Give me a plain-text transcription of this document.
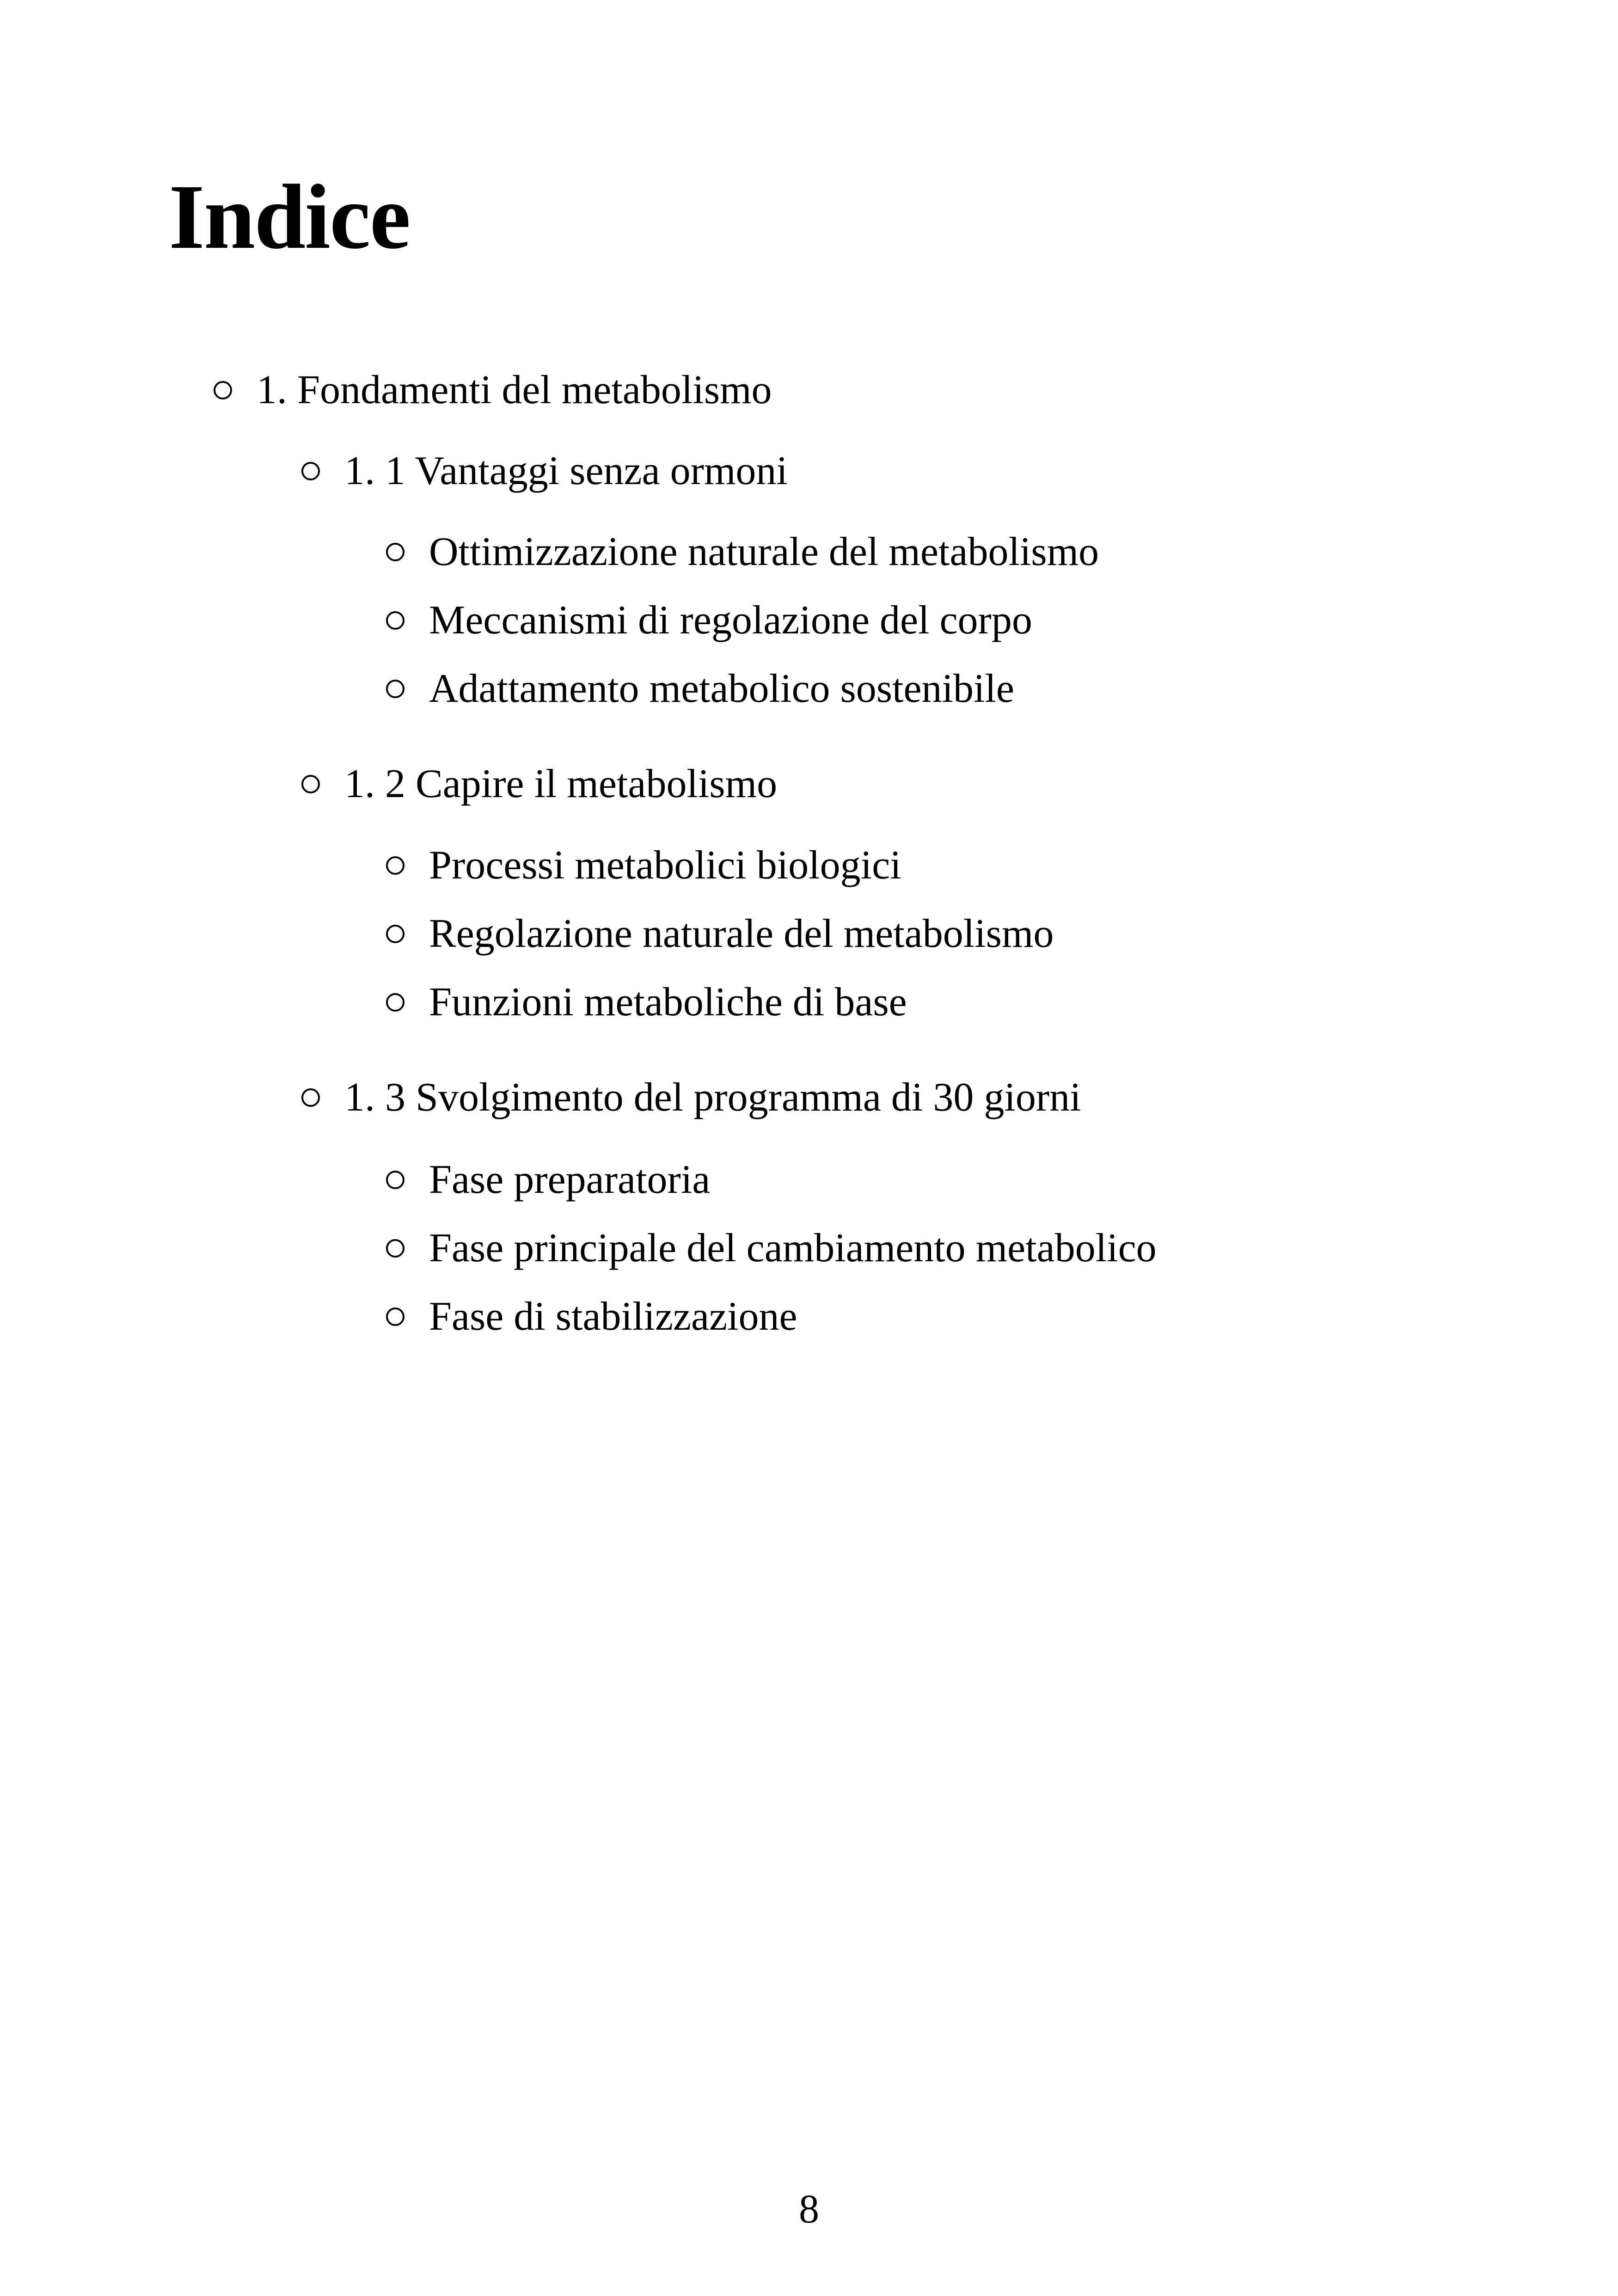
Indice
1. Fondamenti del metabolismo
1. 1 Vantaggi senza ormoni
Ottimizzazione naturale del metabolismo
Meccanismi di regolazione del corpo
Adattamento metabolico sostenibile
1. 2 Capire il metabolismo
Processi metabolici biologici
Regolazione naturale del metabolismo
Funzioni metaboliche di base
1. 3 Svolgimento del programma di 30 giorni
Fase preparatoria
Fase principale del cambiamento metabolico
Fase di stabilizzazione
8
